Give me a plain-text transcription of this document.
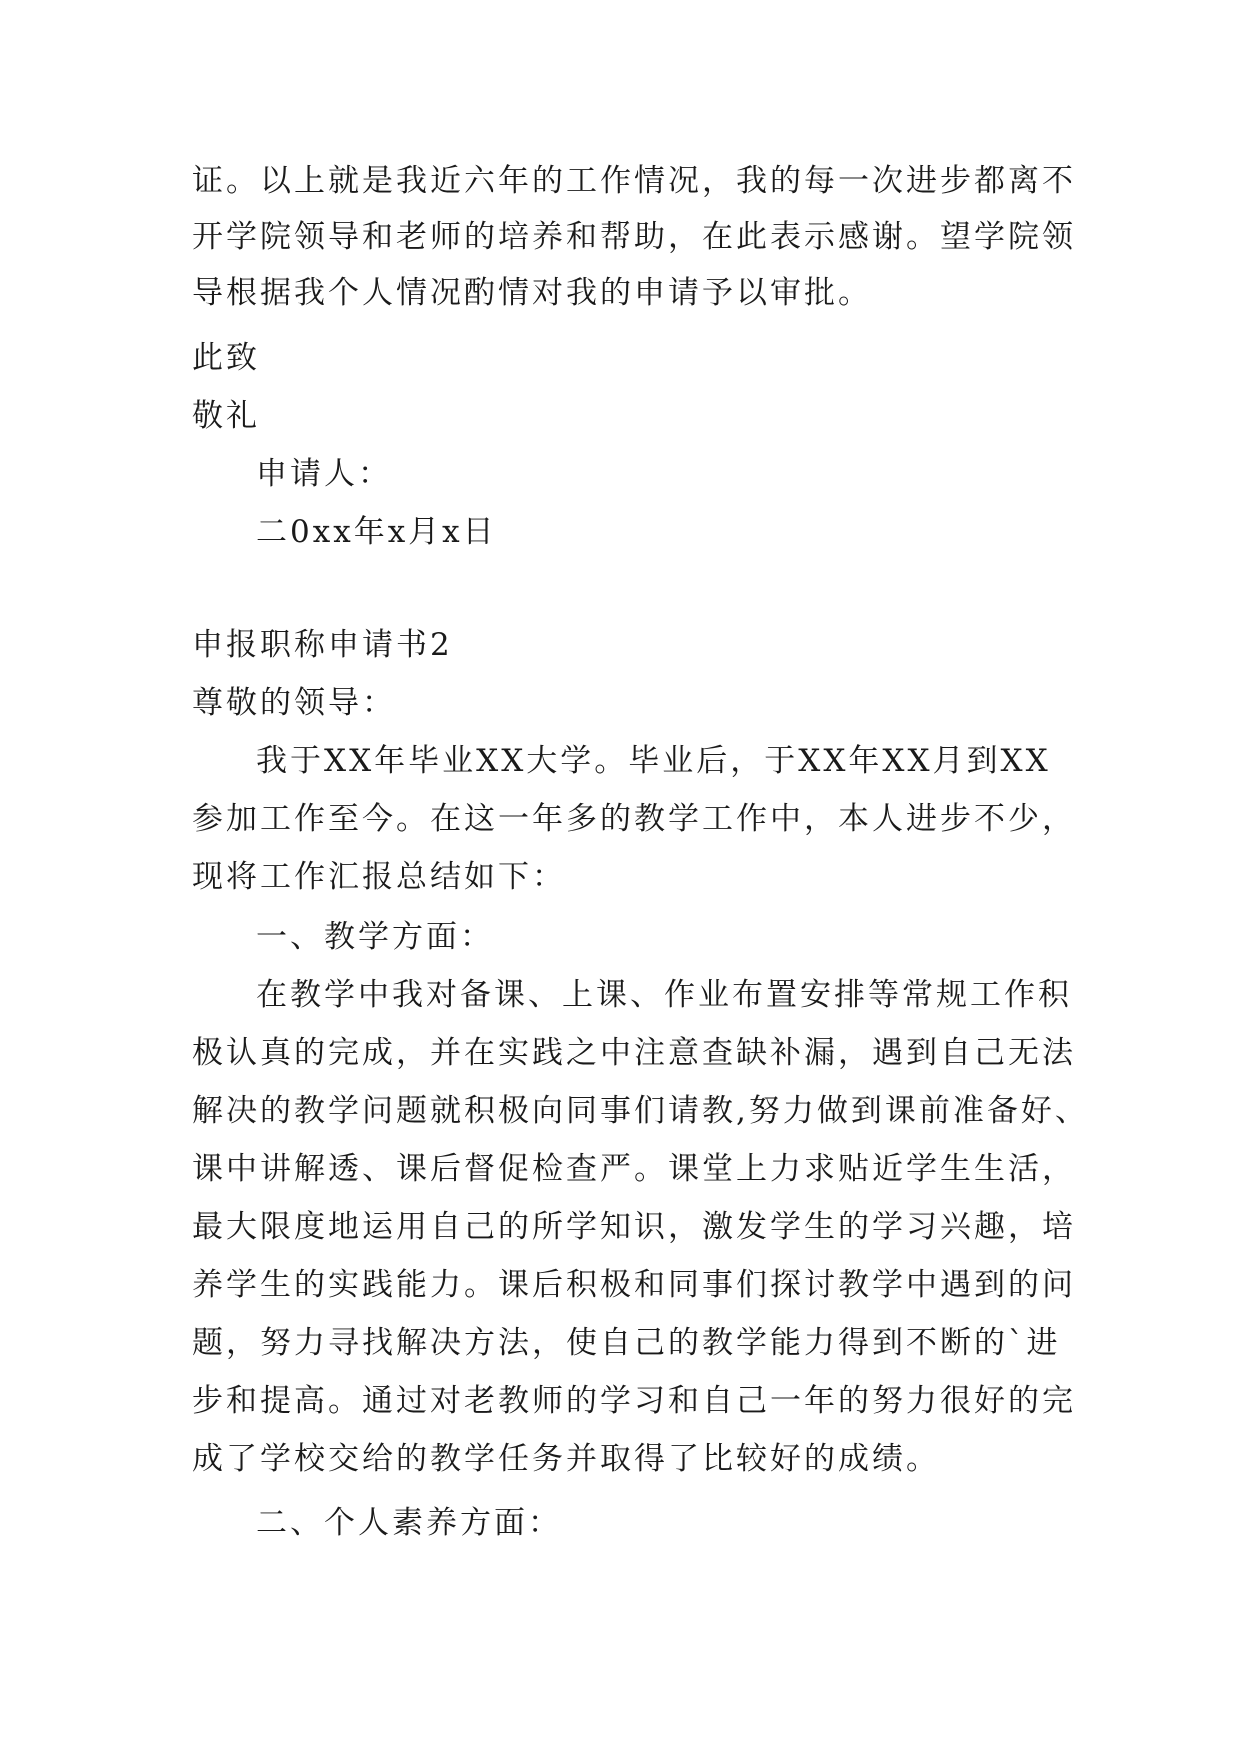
证。以上就是我近六年的工作情况，我的每一次进步都离不
开学院领导和老师的培养和帮助，在此表示感谢。望学院领
导根据我个人情况酌情对我的申请予以审批。
此致
敬礼
申请人：
二0xx年x月x日
申报职称申请书2
尊敬的领导：
我于XX年毕业XX大学。毕业后，于XX年XX月到XX
参加工作至今。在这一年多的教学工作中，本人进步不少，
现将工作汇报总结如下：
一、教学方面：
在教学中我对备课、上课、作业布置安排等常规工作积
极认真的完成，并在实践之中注意查缺补漏，遇到自己无法
解决的教学问题就积极向同事们请教,努力做到课前准备好、
课中讲解透、课后督促检查严。课堂上力求贴近学生生活，
最大限度地运用自己的所学知识，激发学生的学习兴趣，培
养学生的实践能力。课后积极和同事们探讨教学中遇到的问
题，努力寻找解决方法，使自己的教学能力得到不断的`进
步和提高。通过对老教师的学习和自己一年的努力很好的完
成了学校交给的教学任务并取得了比较好的成绩。
二、个人素养方面：
